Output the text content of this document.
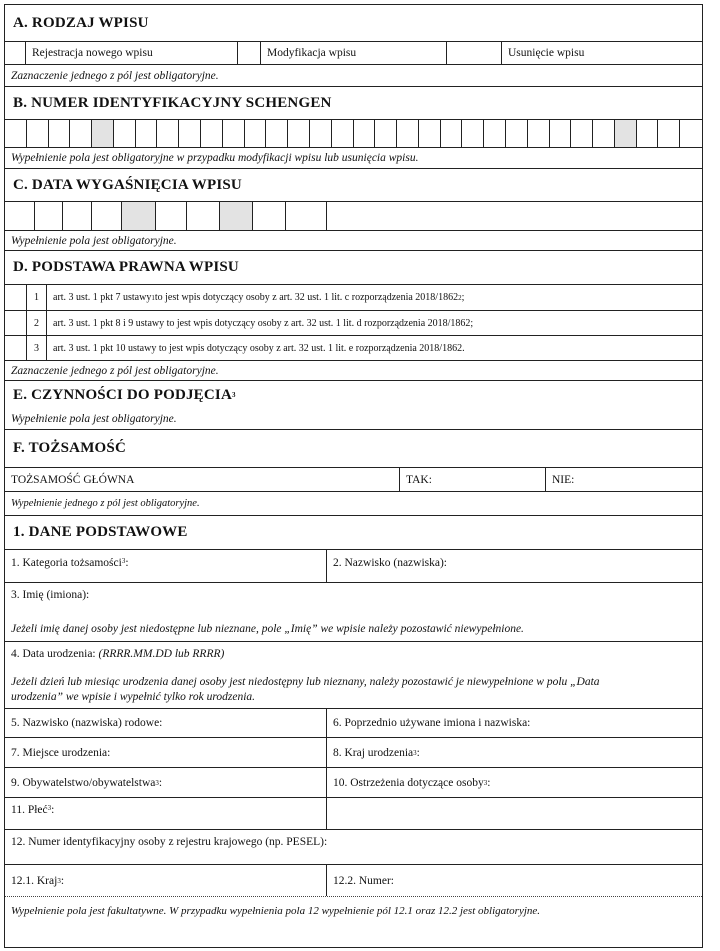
A. RODZAJ WPISU
Rejestracja nowego wpisu	Modyfikacja wpisu	Usunięcie wpisu
Zaznaczenie jednego z pól jest obligatoryjne.
B. NUMER IDENTYFIKACYJNY SCHENGEN
Wypełnienie pola jest obligatoryjne w przypadku modyfikacji wpisu lub usunięcia wpisu.
C. DATA WYGAŚNIĘCIA WPISU
Wypełnienie pola jest obligatoryjne.
D. PODSTAWA PRAWNA WPISU
1	art. 3 ust. 1 pkt 7 ustawy 1 to jest wpis dotyczący osoby z art. 32 ust. 1 lit. c rozporządzenia 2018/1862 2 ;
2	art. 3 ust. 1 pkt 8 i 9 ustawy to jest wpis dotyczący osoby z art. 32 ust. 1 lit. d rozporządzenia 2018/1862;
3	art. 3 ust. 1 pkt 10 ustawy to jest wpis dotyczący osoby z art. 32 ust. 1 lit. e rozporządzenia 2018/1862.
Zaznaczenie jednego z pól jest obligatoryjne.
E. CZYNNOŚCI DO PODJĘCIA 3
Wypełnienie pola jest obligatoryjne.
F. TOŻSAMOŚĆ
TOŻSAMOŚĆ GŁÓWNA	TAK:	NIE:
Wypełnienie jednego z pól jest obligatoryjne.
1. DANE PODSTAWOWE
1. Kategoria tożsamości 3 :	2. Nazwisko (nazwiska):
3. Imię (imiona):
Jeżeli imię danej osoby jest niedostępne lub nieznane, pole „Imię” we wpisie należy pozostawić niewypełnione.
4. Data urodzenia: (RRRR.MM.DD lub RRRR)
Jeżeli dzień lub miesiąc urodzenia danej osoby jest niedostępny lub nieznany, należy pozostawić je niewypełnione w polu „Data
urodzenia” we wpisie i wypełnić tylko rok urodzenia.
5. Nazwisko (nazwiska) rodowe:	6. Poprzednio używane imiona i nazwiska:
7. Miejsce urodzenia:	8. Kraj urodzenia 3 :
9. Obywatelstwo/obywatelstwa 3 :	10. Ostrzeżenia dotyczące osoby 3 :
11. Płeć 3 :
12. Numer identyfikacyjny osoby z rejestru krajowego (np. PESEL):
12.1. Kraj 3 :	12.2. Numer:
Wypełnienie pola jest fakultatywne. W przypadku wypełnienia pola 12 wypełnienie pól 12.1 oraz 12.2 jest obligatoryjne.
